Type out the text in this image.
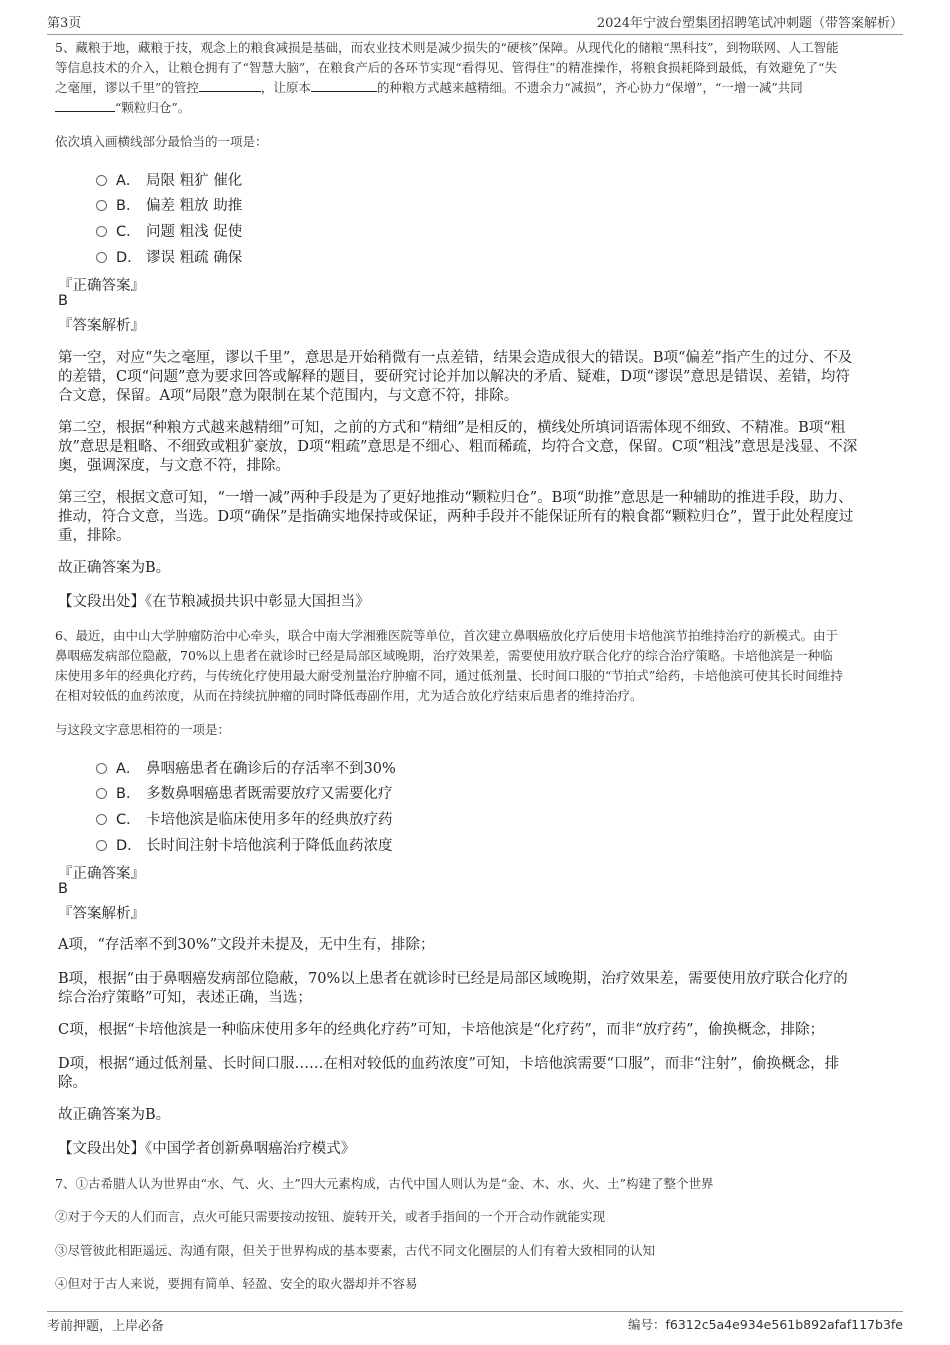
第3页	2024年宁波台塑集团招聘笔试冲刺题（带答案解析）
5、藏粮于地，藏粮于技，观念上的粮食减损是基础，而农业技术则是减少损失的“硬核”保障。从现代化的储粮“黑科技”，到物联网、人工智能
等信息技术的介入，让粮仓拥有了“智慧大脑”，在粮食产后的各环节实现“看得见、管得住”的精准操作，将粮食损耗降到最低，有效避免了“失
之毫厘，谬以千里”的管控	，让原本	的种粮方式越来越精细。不遗余力“减损”，齐心协力“保增”，“一增一减”共同
“颗粒归仓”。
依次填入画横线部分最恰当的一项是：
A． 局限 粗犷 催化
B． 偏差 粗放 助推
C． 问题 粗浅 促使
D． 谬误 粗疏 确保
『正确答案』
B
『答案解析』
第一空，对应“失之毫厘，谬以千里”，意思是开始稍微有一点差错，结果会造成很大的错误。B项“偏差”指产生的过分、不及
的差错，C项“问题”意为要求回答或解释的题目，要研究讨论并加以解决的矛盾、疑难，D项“谬误”意思是错误、差错，均符
合文意，保留。A项“局限”意为限制在某个范围内，与文意不符，排除。
第二空，根据“种粮方式越来越精细”可知，之前的方式和“精细”是相反的，横线处所填词语需体现不细致、不精准。B项“粗
放”意思是粗略、不细致或粗犷豪放，D项“粗疏”意思是不细心、粗而稀疏，均符合文意，保留。C项“粗浅”意思是浅显、不深
奥，强调深度，与文意不符，排除。
第三空，根据文意可知，“一增一减”两种手段是为了更好地推动“颗粒归仓”。B项“助推”意思是一种辅助的推进手段，助力、
推动，符合文意，当选。D项“确保”是指确实地保持或保证，两种手段并不能保证所有的粮食都“颗粒归仓”，置于此处程度过
重，排除。
故正确答案为B。
【文段出处】《在节粮减损共识中彰显大国担当》
6、最近，由中山大学肿瘤防治中心牵头，联合中南大学湘雅医院等单位，首次建立鼻咽癌放化疗后使用卡培他滨节拍维持治疗的新模式。由于
鼻咽癌发病部位隐蔽，70%以上患者在就诊时已经是局部区域晚期，治疗效果差，需要使用放疗联合化疗的综合治疗策略。卡培他滨是一种临
床使用多年的经典化疗药，与传统化疗使用最大耐受剂量治疗肿瘤不同，通过低剂量、长时间口服的“节拍式”给药，卡培他滨可使其长时间维持
在相对较低的血药浓度，从而在持续抗肿瘤的同时降低毒副作用，尤为适合放化疗结束后患者的维持治疗。
与这段文字意思相符的一项是：
A． 鼻咽癌患者在确诊后的存活率不到30%
B． 多数鼻咽癌患者既需要放疗又需要化疗
C． 卡培他滨是临床使用多年的经典放疗药
D． 长时间注射卡培他滨利于降低血药浓度
『正确答案』
B
『答案解析』
A项，“存活率不到30%”文段并未提及，无中生有，排除；
B项，根据“由于鼻咽癌发病部位隐蔽，70%以上患者在就诊时已经是局部区域晚期，治疗效果差，需要使用放疗联合化疗的
综合治疗策略”可知，表述正确，当选；
C项，根据“卡培他滨是一种临床使用多年的经典化疗药”可知，卡培他滨是“化疗药”，而非“放疗药”，偷换概念，排除；
D项，根据“通过低剂量、长时间口服……在相对较低的血药浓度”可知，卡培他滨需要“口服”，而非“注射”，偷换概念，排
除。
故正确答案为B。
【文段出处】《中国学者创新鼻咽癌治疗模式》
7、①古希腊人认为世界由“水、气、火、土”四大元素构成，古代中国人则认为是“金、木、水、火、土”构建了整个世界
②对于今天的人们而言，点火可能只需要按动按钮、旋转开关，或者手指间的一个开合动作就能实现
③尽管彼此相距遥远、沟通有限，但关于世界构成的基本要素，古代不同文化圈层的人们有着大致相同的认知
④但对于古人来说，要拥有简单、轻盈、安全的取火器却并不容易
考前押题，上岸必备	编号：f6312c5a4e934e561b892afaf117b3fe
